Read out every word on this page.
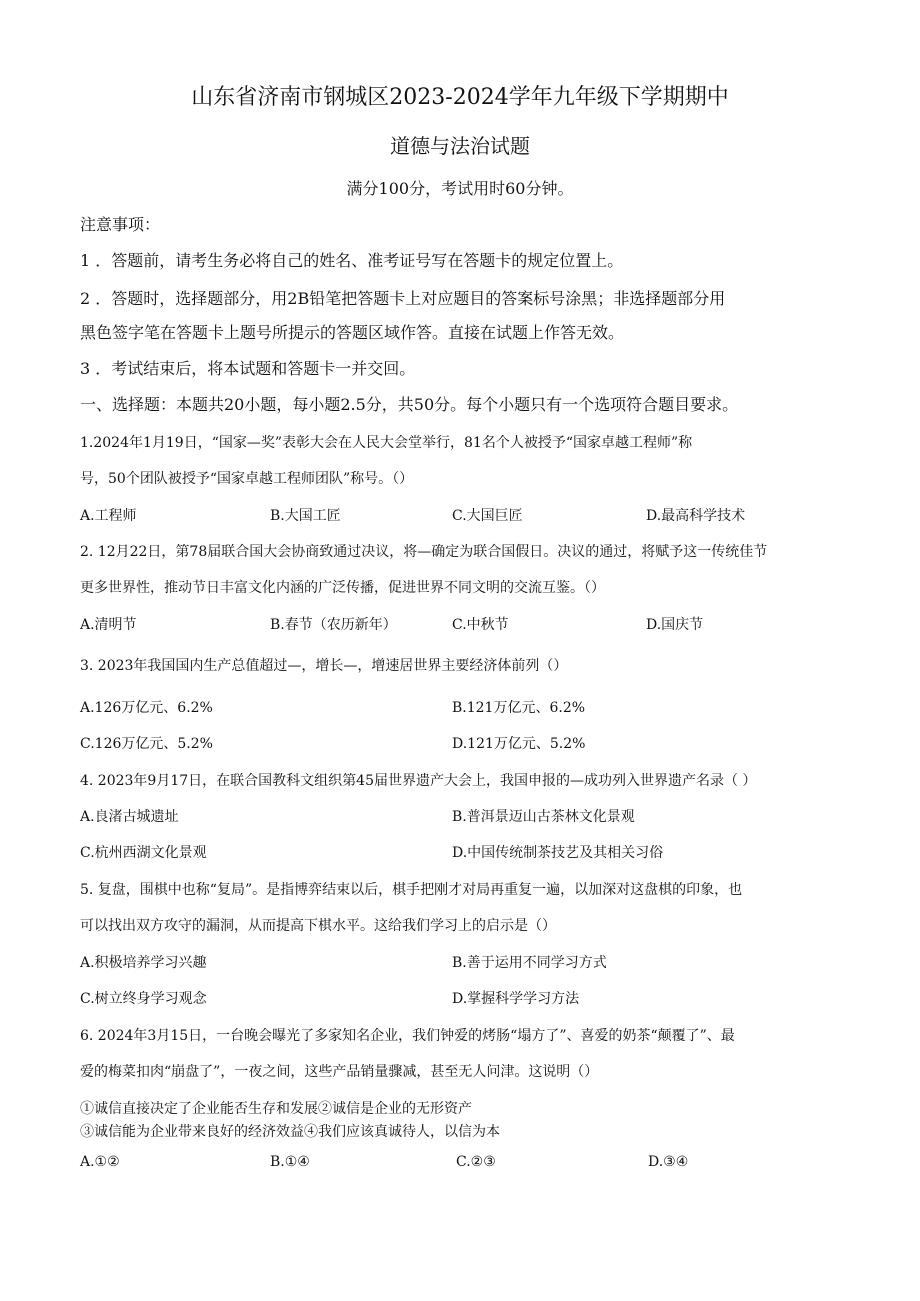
山东省济南市钢城区2023-2024学年九年级下学期期中
道德与法治试题
满分100分，考试用时60分钟。
注意事项：
1 ．答题前，请考生务必将自己的姓名、准考证号写在答题卡的规定位置上。
2 ．答题时，选择题部分，用2B铅笔把答题卡上对应题目的答案标号涂黑；非选择题部分用
黑色签字笔在答题卡上题号所提示的答题区域作答。直接在试题上作答无效。
3 ．考试结束后，将本试题和答题卡一并交回。
一、选择题：本题共20小题，每小题2.5分，共50分。每个小题只有一个选项符合题目要求。
1.2024年1月19日，“国家—奖”表彰大会在人民大会堂举行，81名个人被授予“国家卓越工程师”称
号，50个团队被授予“国家卓越工程师团队”称号。（）
A.工程师	B.大国工匠	C.大国巨匠	D.最高科学技术
2. 12月22日，第78届联合国大会协商致通过决议，将—确定为联合国假日。决议的通过，将赋予这一传统佳节
更多世界性，推动节日丰富文化内涵的广泛传播，促进世界不同文明的交流互鉴。（）
A.清明节	B.春节（农历新年）	C.中秋节	D.国庆节
3. 2023年我国国内生产总值超过—，增长—，增速居世界主要经济体前列（）
A.126万亿元、6.2%	B.121万亿元、6.2%
C.126万亿元、5.2%	D.121万亿元、5.2%
4. 2023年9月17日，在联合国教科文组织第45届世界遗产大会上，我国申报的—成功列入世界遗产名录（ ）
A.良渚古城遗址	B.普洱景迈山古茶林文化景观
C.杭州西湖文化景观	D.中国传统制茶技艺及其相关习俗
5. 复盘，围棋中也称“复局”。是指博弈结束以后，棋手把刚才对局再重复一遍，以加深对这盘棋的印象，也
可以找出双方攻守的漏洞，从而提高下棋水平。这给我们学习上的启示是（）
A.积极培养学习兴趣	B.善于运用不同学习方式
C.树立终身学习观念	D.掌握科学学习方法
6. 2024年3月15日，一台晚会曝光了多家知名企业，我们钟爱的烤肠“塌方了”、喜爱的奶茶“颠覆了”、最
爱的梅菜扣肉“崩盘了”，一夜之间，这些产品销量骤减，甚至无人问津。这说明（）
①诚信直接决定了企业能否生存和发展②诚信是企业的无形资产
③诚信能为企业带来良好的经济效益④我们应该真诚待人，以信为本
A.①②	B.①④	C.②③	D.③④
